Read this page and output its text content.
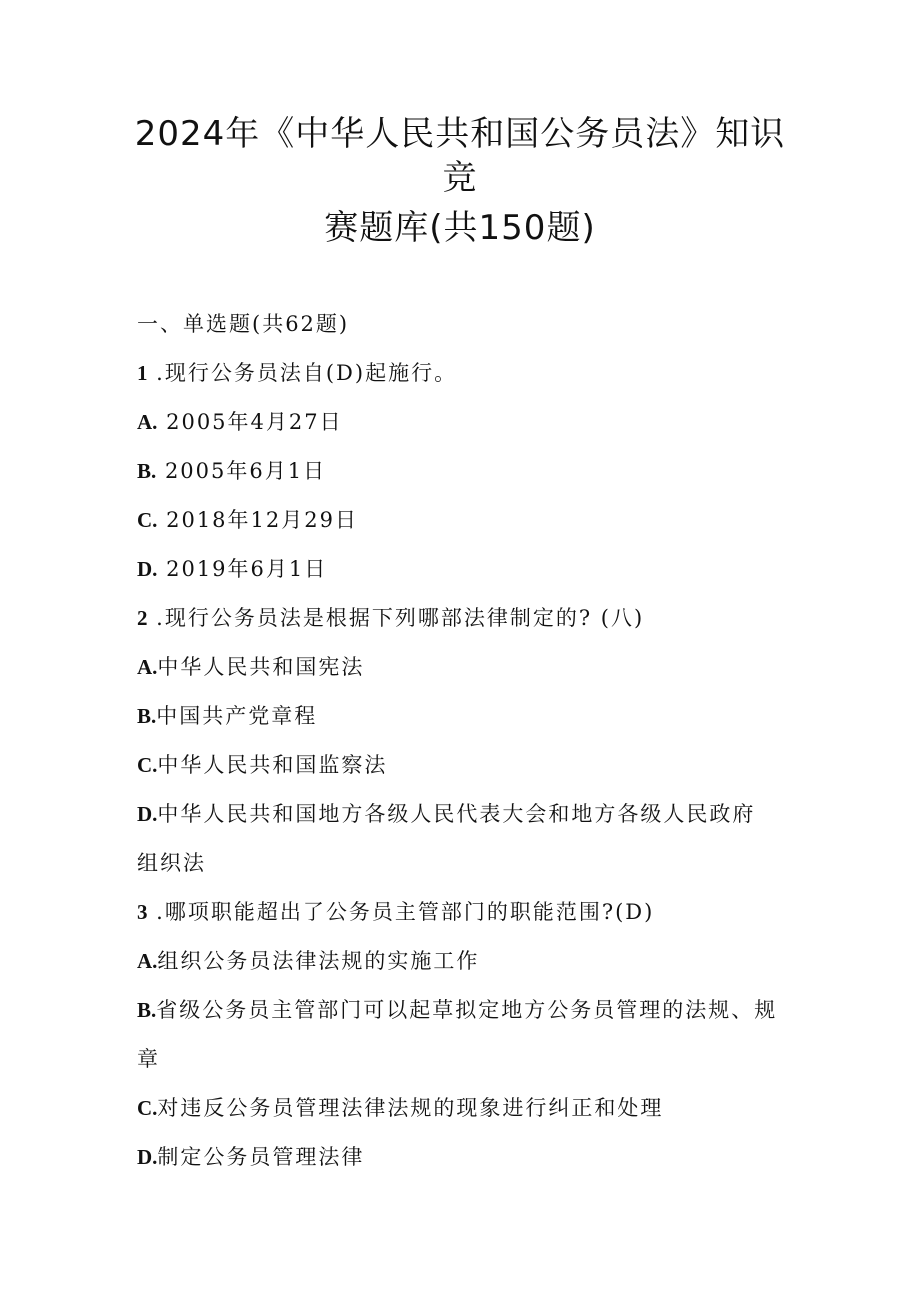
2024年《中华人民共和国公务员法》知识
竞
赛题库(共150题)
一、单选题(共62题)
1 .现行公务员法自(D)起施行。
A. 2005年4月27日
B. 2005年6月1日
C. 2018年12月29日
D. 2019年6月1日
2 .现行公务员法是根据下列哪部法律制定的? (八)
A.中华人民共和国宪法
B.中国共产党章程
C.中华人民共和国监察法
D.中华人民共和国地方各级人民代表大会和地方各级人民政府
组织法
3 .哪项职能超出了公务员主管部门的职能范围?(D)
A.组织公务员法律法规的实施工作
B.省级公务员主管部门可以起草拟定地方公务员管理的法规、规
章
C.对违反公务员管理法律法规的现象进行纠正和处理
D.制定公务员管理法律
